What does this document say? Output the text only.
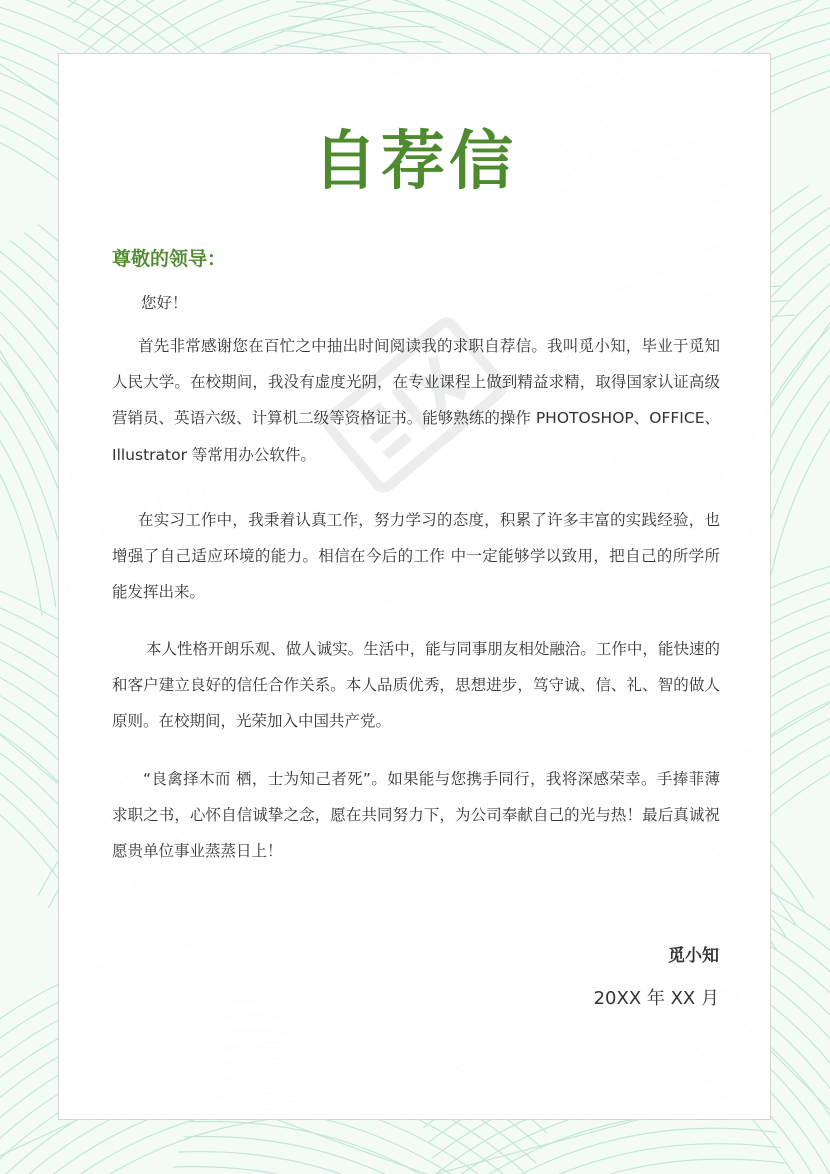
自荐信
尊敬的领导：

您好！

首先非常感谢您在百忙之中抽出时间阅读我的求职自荐信。我叫觅小知，毕业于觅知人民大学。在校期间，我没有虚度光阴，在专业课程上做到精益求精，取得国家认证高级营销员、英语六级、计算机二级等资格证书。能够熟练的操作 PHOTOSHOP、OFFICE、Illustrator 等常用办公软件。

在实习工作中，我秉着认真工作，努力学习的态度，积累了许多丰富的实践经验，也增强了自己适应环境的能力。相信在今后的工作 中一定能够学以致用，把自己的所学所能发挥出来。

本人性格开朗乐观、做人诚实。生活中，能与同事朋友相处融洽。工作中，能快速的和客户建立良好的信任合作关系。本人品质优秀，思想进步，笃守诚、信、礼、智的做人原则。在校期间，光荣加入中国共产党。

“良禽择木而 栖，士为知己者死”。如果能与您携手同行，我将深感荣幸。手捧菲薄求职之书，心怀自信诚挚之念，愿在共同努力下，为公司奉献自己的光与热！最后真诚祝愿贵单位事业蒸蒸日上！

觅小知
20XX 年 XX 月
